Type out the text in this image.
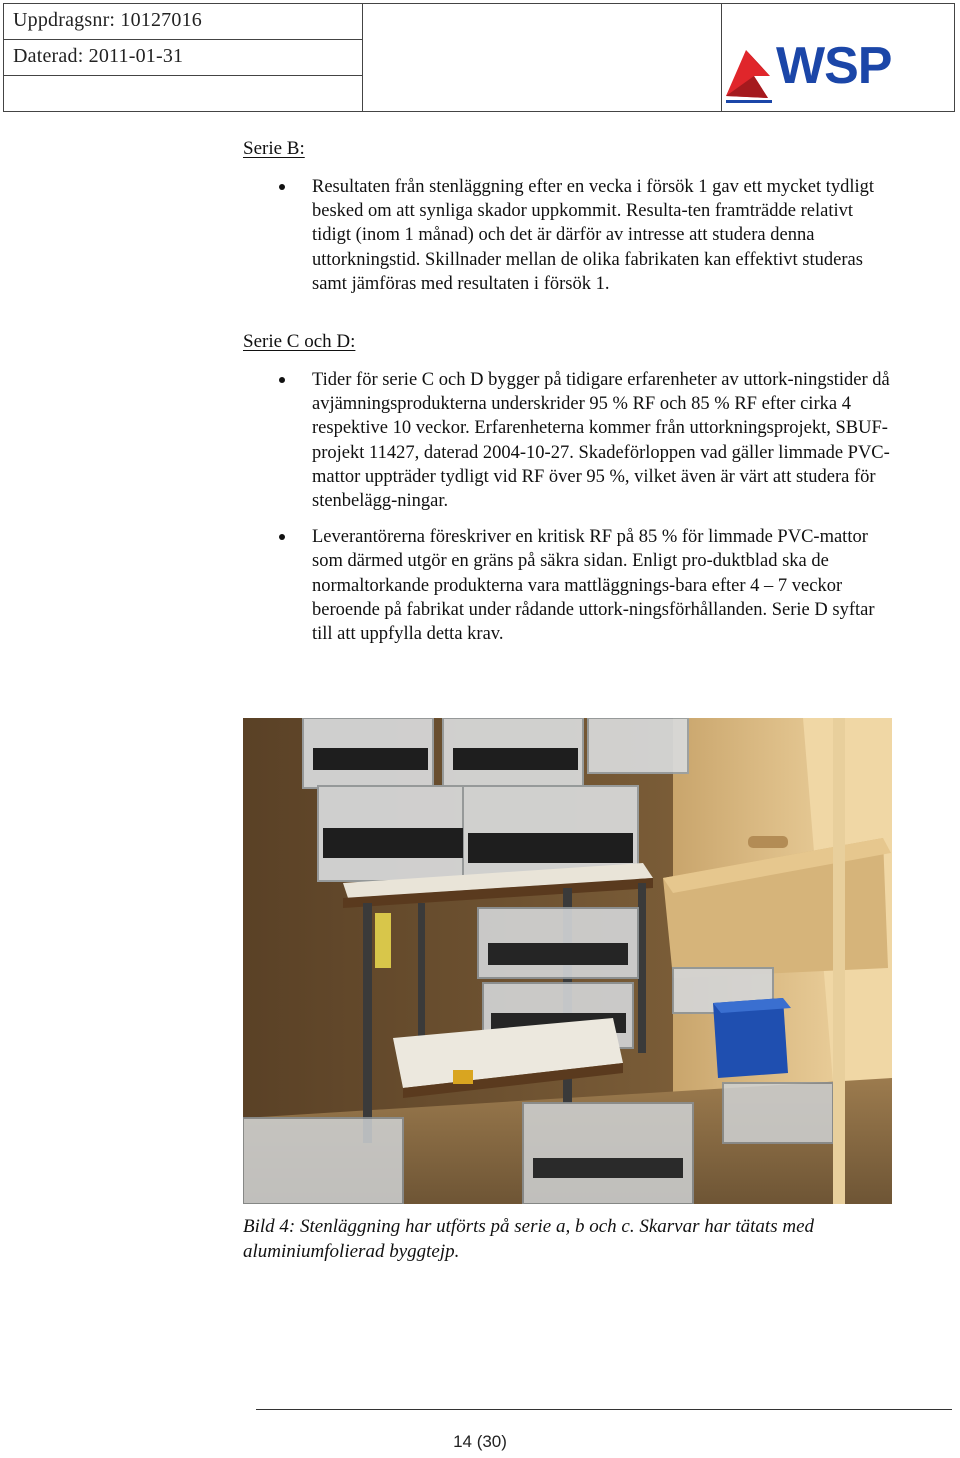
Uppdragsnr: 10127016
Daterad: 2011-01-31	WSP
Serie B:
Resultaten från stenläggning efter en vecka i försök 1 gav ett mycket tydligt besked om att synliga skador uppkommit. Resulta-ten framträdde relativt tidigt (inom 1 månad) och det är därför av intresse att studera denna uttorkningstid. Skillnader mellan de olika fabrikaten kan effektivt studeras samt jämföras med resultaten i försök 1.
Serie C och D:
Tider för serie C och D bygger på tidigare erfarenheter av uttork-ningstider då avjämningsprodukterna underskrider 95 % RF och 85 % RF efter cirka 4 respektive 10 veckor. Erfarenheterna kommer från uttorkningsprojekt, SBUF-projekt 11427, daterad 2004-10-27. Skadeförloppen vad gäller limmade PVC-mattor uppträder tydligt vid RF över 95 %, vilket även är värt att studera för stenbelägg-ningar.
Leverantörerna föreskriver en kritisk RF på 85 % för limmade PVC-mattor som därmed utgör en gräns på säkra sidan. Enligt pro-duktblad ska de normaltorkande produkterna vara mattläggnings-bara efter 4 – 7 veckor beroende på fabrikat under rådande uttork-ningsförhållanden. Serie D syftar till att uppfylla detta krav.
Bild 4: Stenläggning har utförts på serie a, b och c. Skarvar har tätats med aluminiumfolierad byggtejp.
14 (30)
